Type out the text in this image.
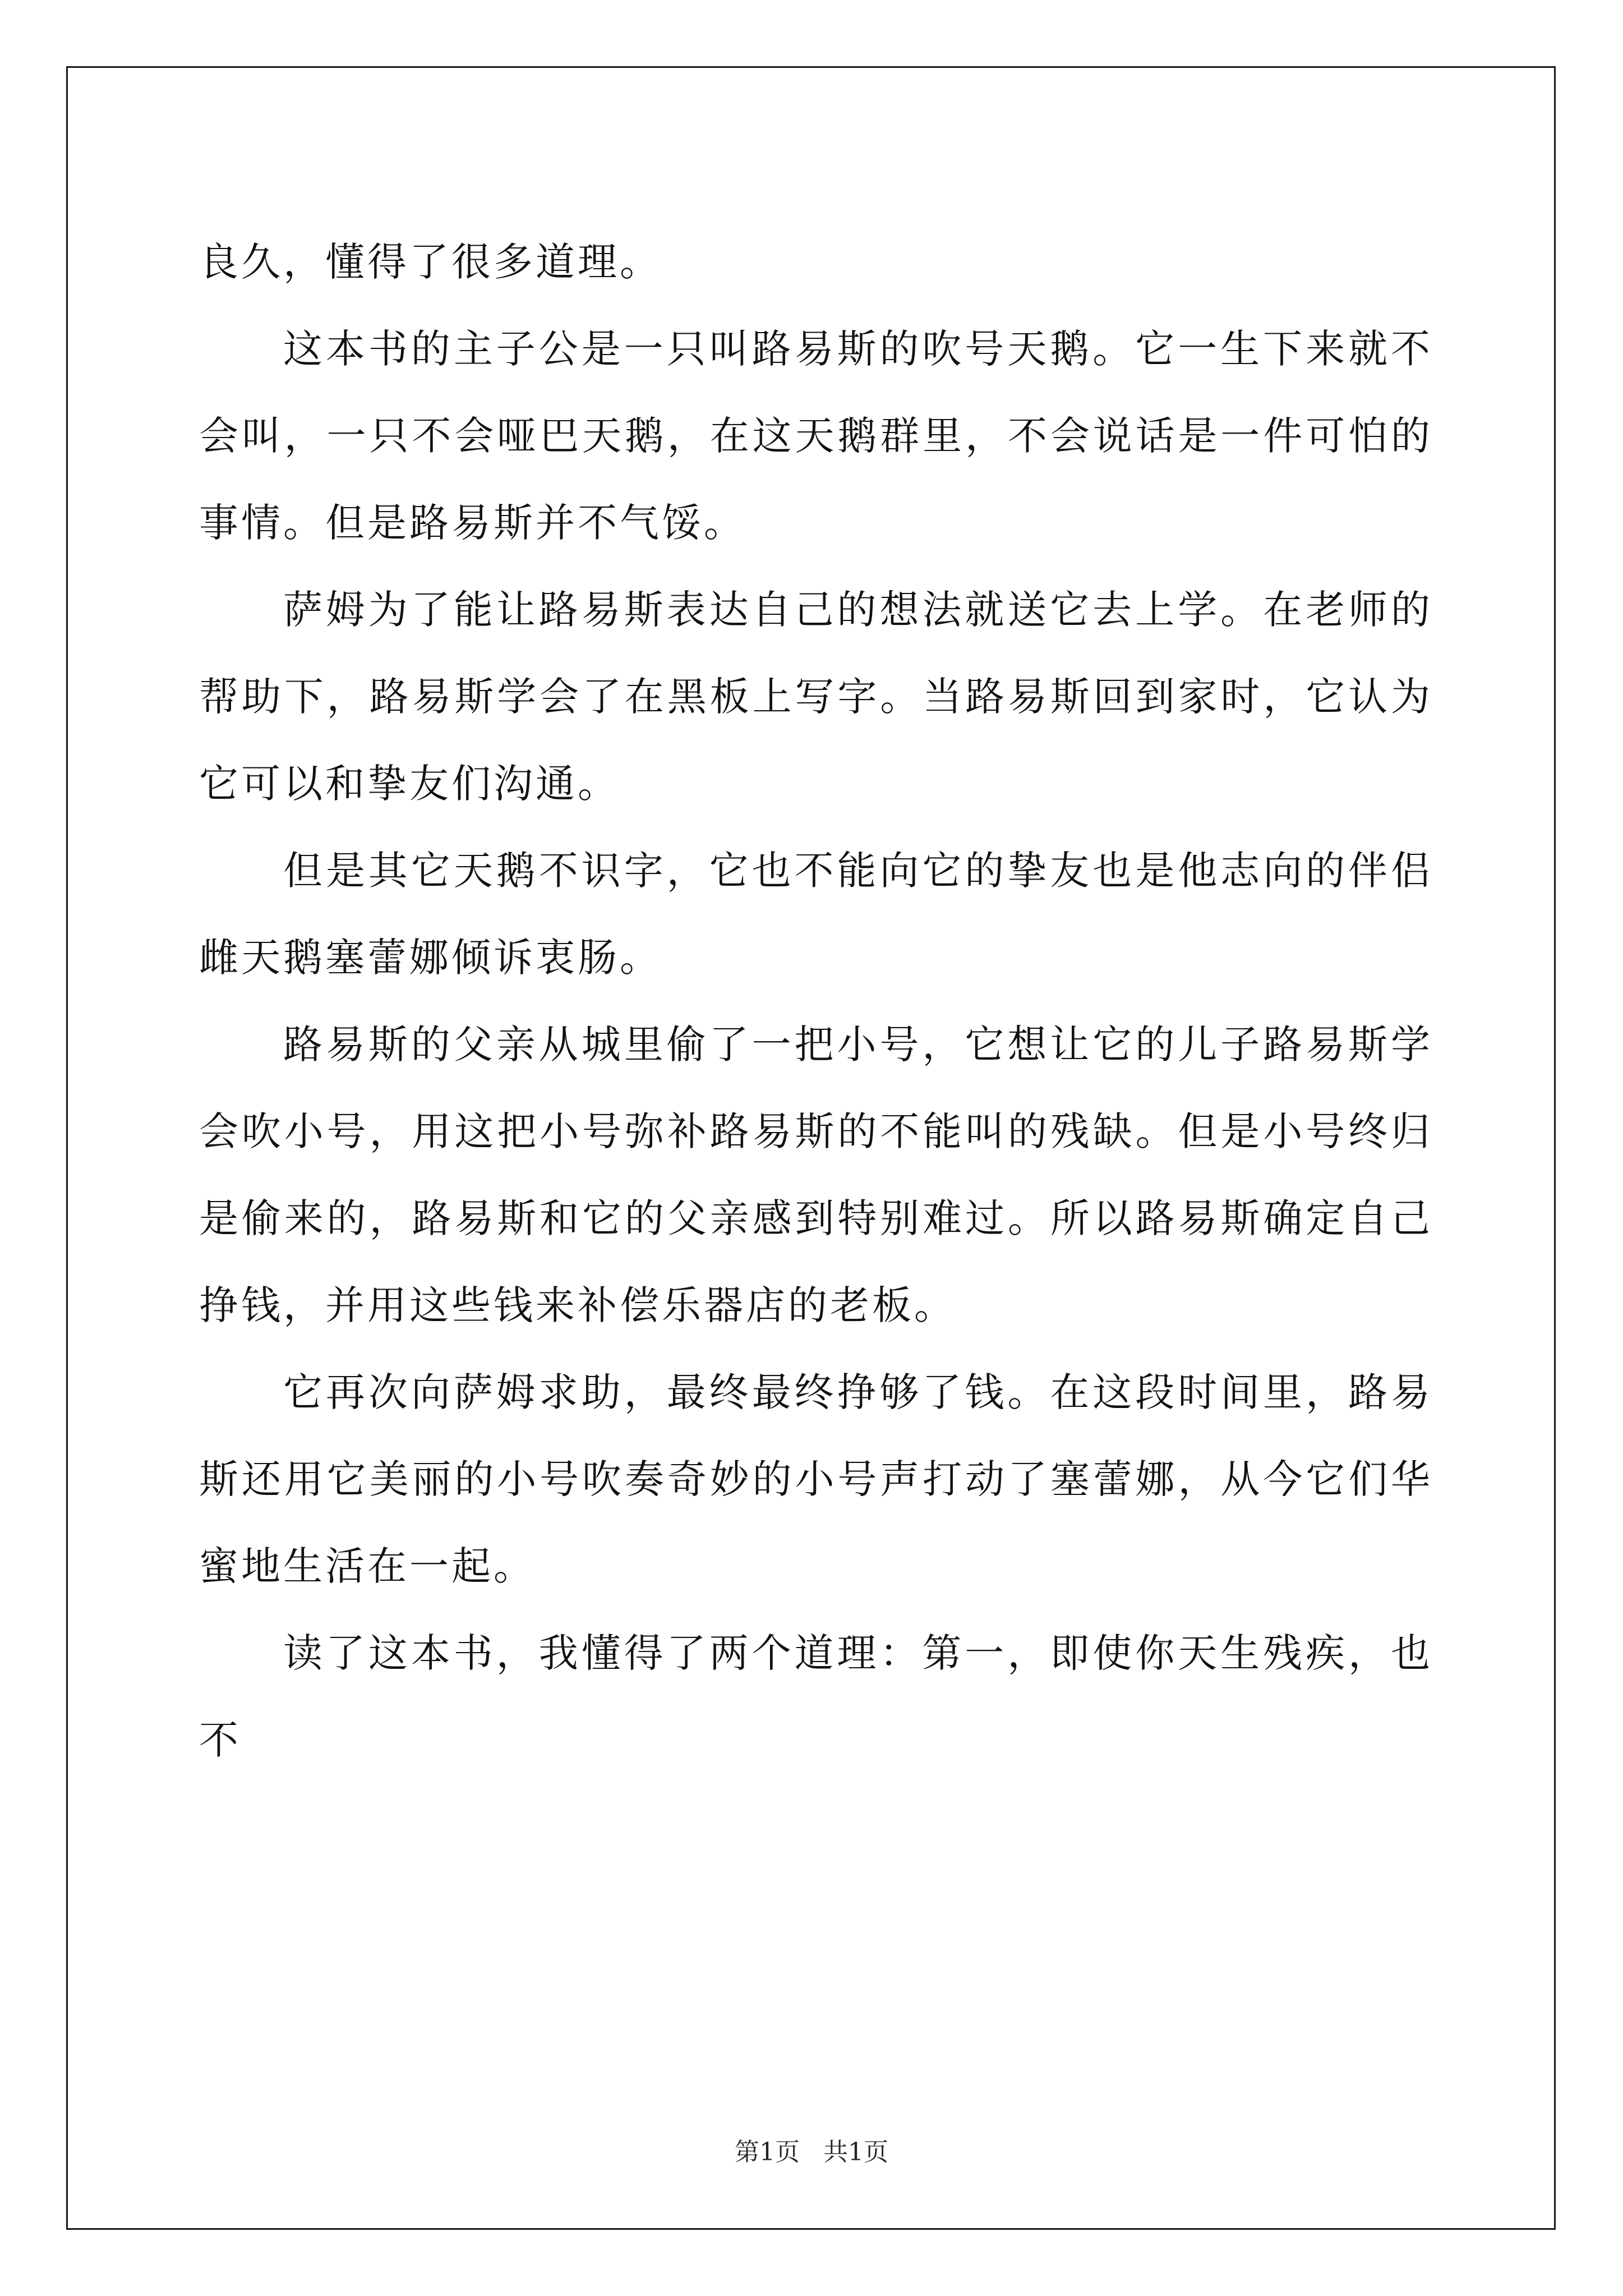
良久，懂得了很多道理。

这本书的主子公是一只叫路易斯的吹号天鹅。它一生下来就不会叫，一只不会哑巴天鹅，在这天鹅群里，不会说话是一件可怕的事情。但是路易斯并不气馁。

萨姆为了能让路易斯表达自己的想法就送它去上学。在老师的帮助下，路易斯学会了在黑板上写字。当路易斯回到家时，它认为它可以和挚友们沟通。

但是其它天鹅不识字，它也不能向它的挚友也是他志向的伴侣雌天鹅塞蕾娜倾诉衷肠。

路易斯的父亲从城里偷了一把小号，它想让它的儿子路易斯学会吹小号，用这把小号弥补路易斯的不能叫的残缺。但是小号终归是偷来的，路易斯和它的父亲感到特别难过。所以路易斯确定自己挣钱，并用这些钱来补偿乐器店的老板。

它再次向萨姆求助，最终最终挣够了钱。在这段时间里，路易斯还用它美丽的小号吹奏奇妙的小号声打动了塞蕾娜，从今它们华蜜地生活在一起。

读了这本书，我懂得了两个道理：第一，即使你天生残疾，也不

第1页 共1页
